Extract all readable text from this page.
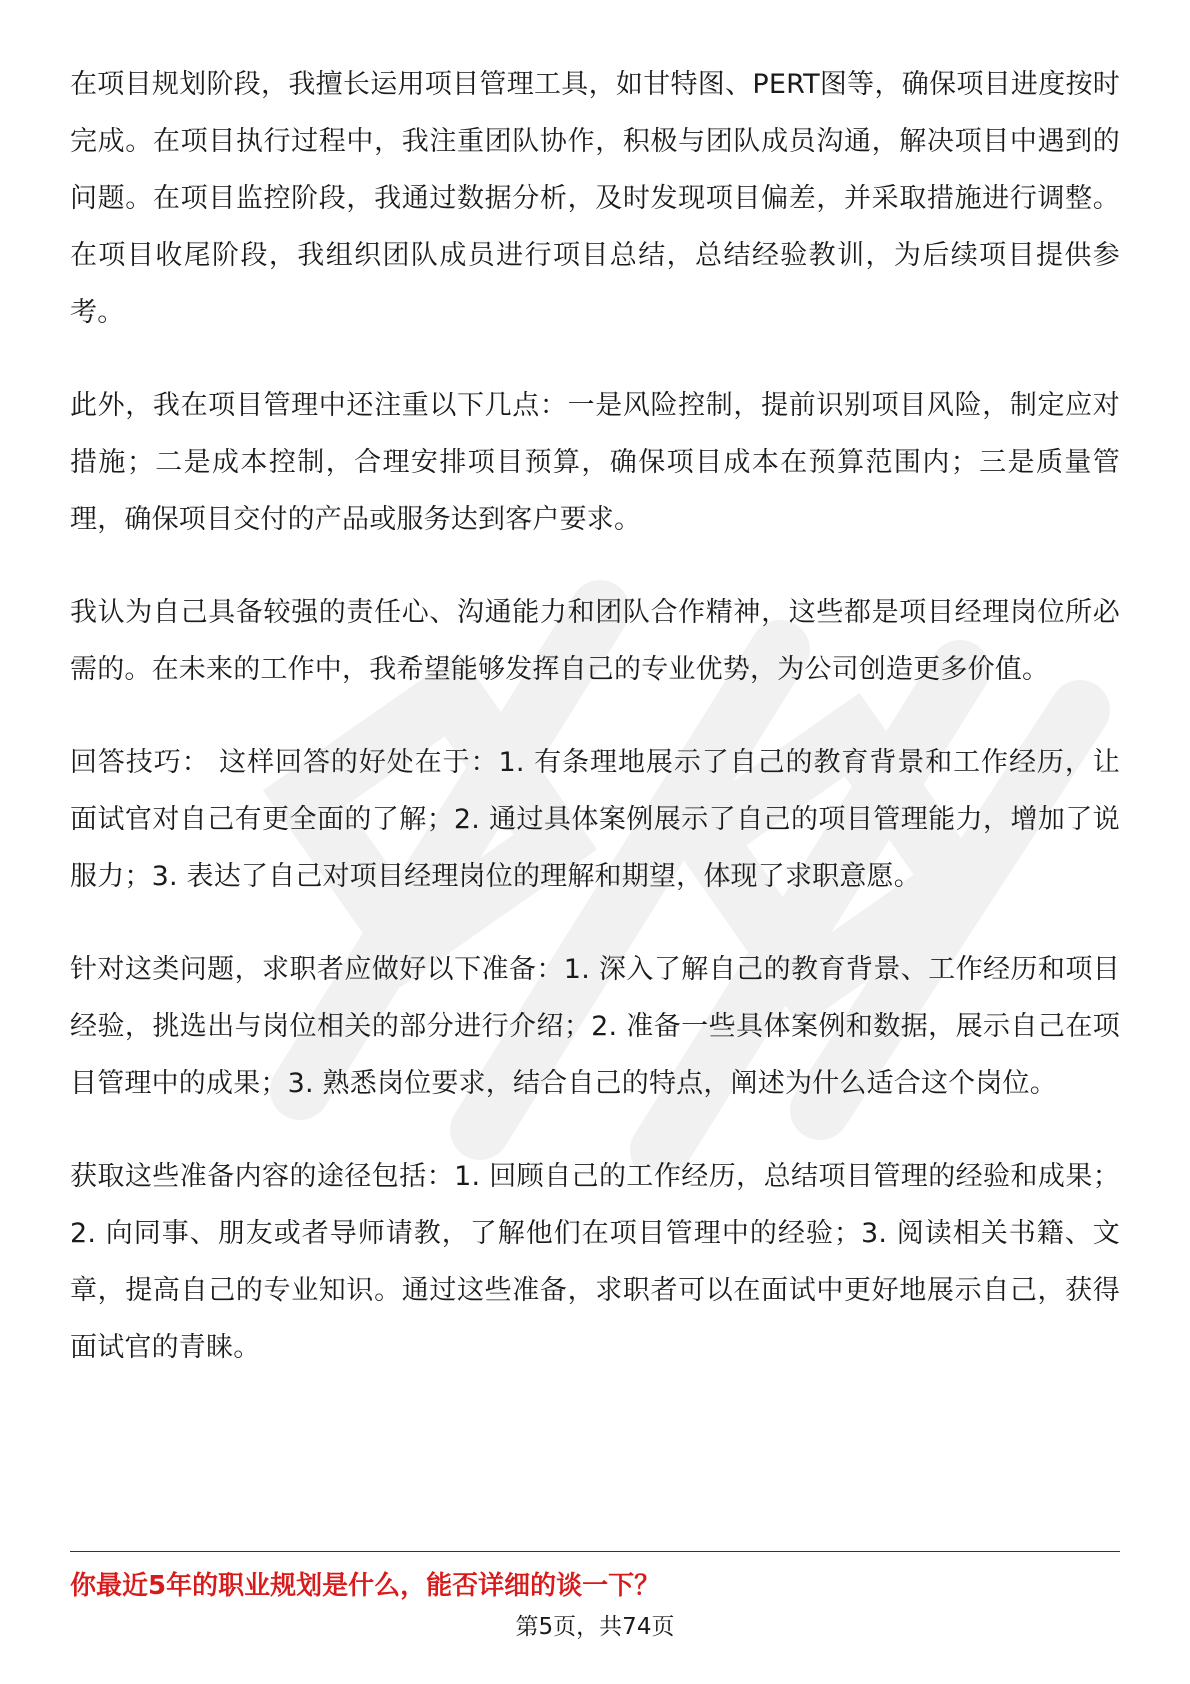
在项目规划阶段，我擅长运用项目管理工具，如甘特图、PERT图等，确保项目进度按时完成。在项目执行过程中，我注重团队协作，积极与团队成员沟通，解决项目中遇到的问题。在项目监控阶段，我通过数据分析，及时发现项目偏差，并采取措施进行调整。在项目收尾阶段，我组织团队成员进行项目总结，总结经验教训，为后续项目提供参考。

此外，我在项目管理中还注重以下几点：一是风险控制，提前识别项目风险，制定应对措施；二是成本控制，合理安排项目预算，确保项目成本在预算范围内；三是质量管理，确保项目交付的产品或服务达到客户要求。

我认为自己具备较强的责任心、沟通能力和团队合作精神，这些都是项目经理岗位所必需的。在未来的工作中，我希望能够发挥自己的专业优势，为公司创造更多价值。

回答技巧： 这样回答的好处在于：1. 有条理地展示了自己的教育背景和工作经历，让面试官对自己有更全面的了解；2. 通过具体案例展示了自己的项目管理能力，增加了说服力；3. 表达了自己对项目经理岗位的理解和期望，体现了求职意愿。

针对这类问题，求职者应做好以下准备：1. 深入了解自己的教育背景、工作经历和项目经验，挑选出与岗位相关的部分进行介绍；2. 准备一些具体案例和数据，展示自己在项目管理中的成果；3. 熟悉岗位要求，结合自己的特点，阐述为什么适合这个岗位。

获取这些准备内容的途径包括：1. 回顾自己的工作经历，总结项目管理的经验和成果；2. 向同事、朋友或者导师请教，了解他们在项目管理中的经验；3. 阅读相关书籍、文章，提高自己的专业知识。通过这些准备，求职者可以在面试中更好地展示自己，获得面试官的青睐。

你最近5年的职业规划是什么，能否详细的谈一下？
第5页，共74页
